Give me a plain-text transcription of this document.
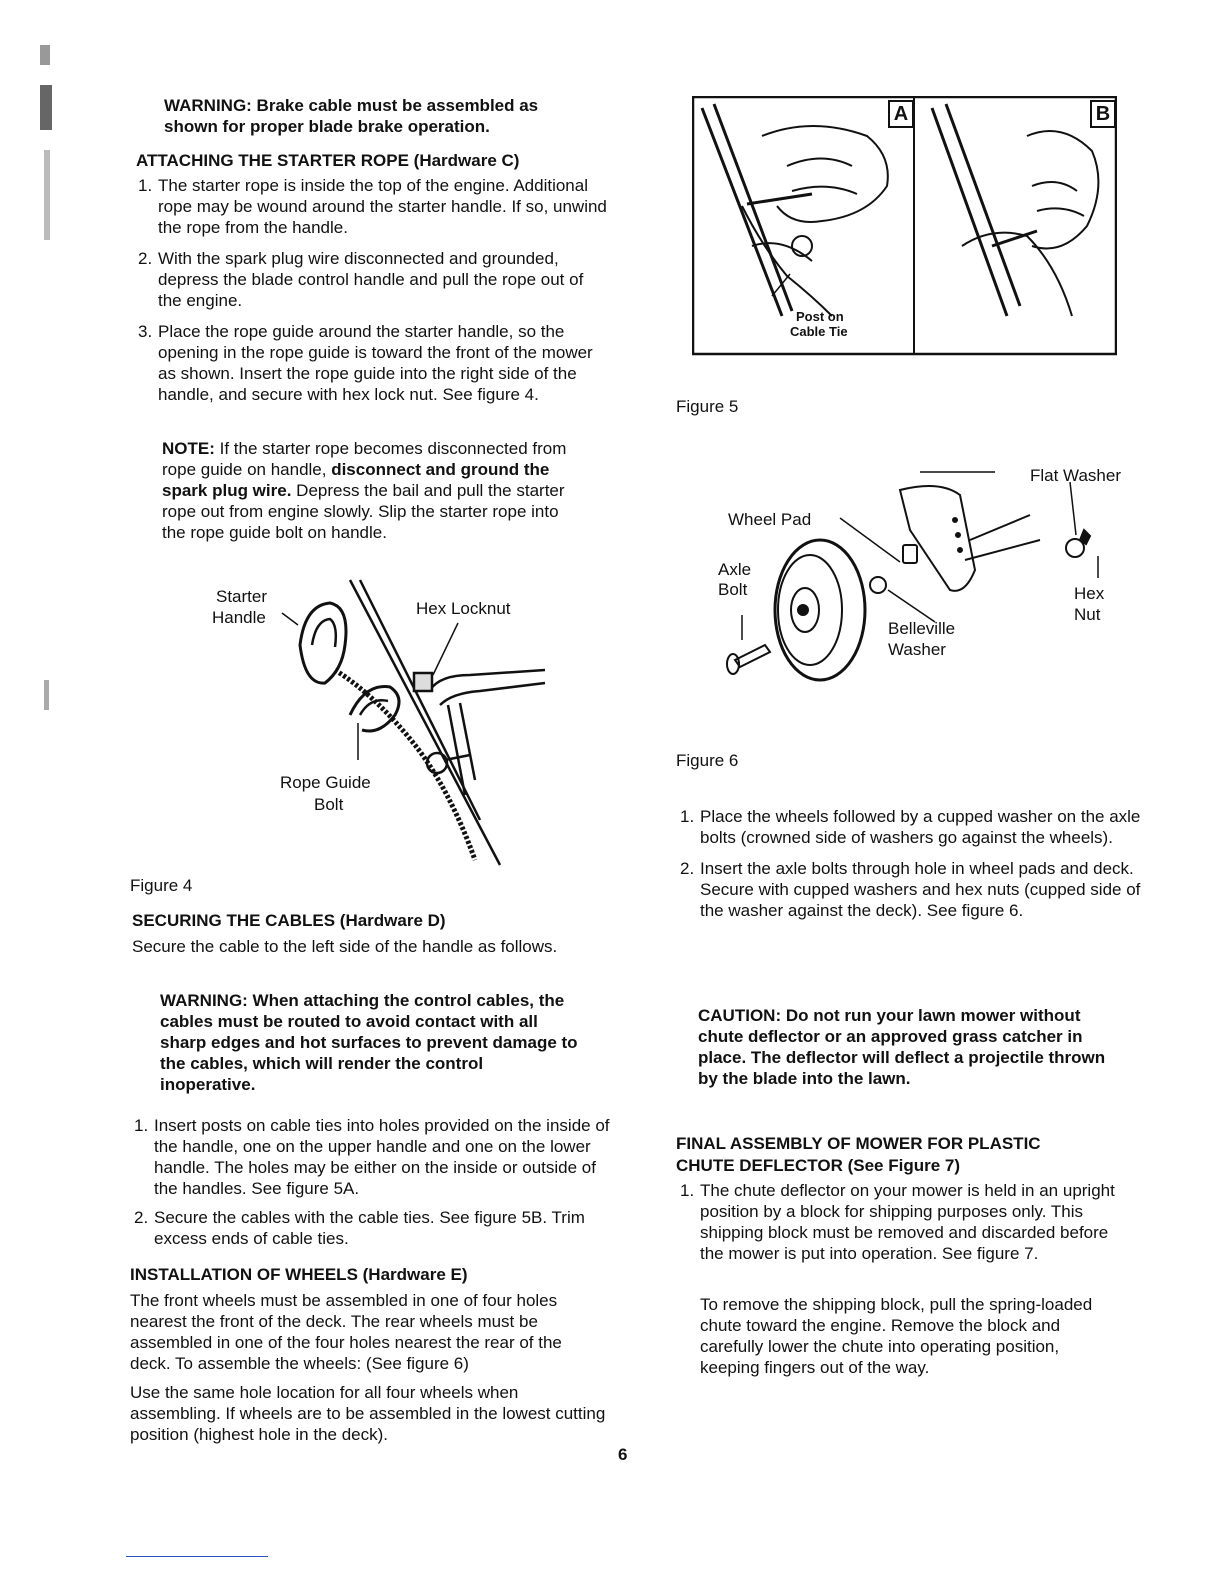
WARNING: Brake cable must be assembled as shown for proper blade brake operation.

ATTACHING THE STARTER ROPE (Hardware C)
1. The starter rope is inside the top of the engine. Additional rope may be wound around the starter handle. If so, unwind the rope from the handle.
2. With the spark plug wire disconnected and grounded, depress the blade control handle and pull the rope out of the engine.
3. Place the rope guide around the starter handle, so the opening in the rope guide is toward the front of the mower as shown. Insert the rope guide into the right side of the handle, and secure with hex lock nut. See figure 4.

NOTE: If the starter rope becomes disconnected from rope guide on handle, disconnect and ground the spark plug wire. Depress the bail and pull the starter rope out from engine slowly. Slip the starter rope into the rope guide bolt on handle.

Starter
Handle	Hex Locknut
Rope Guide
Bolt
Figure 4
SECURING THE CABLES (Hardware D)

Secure the cable to the left side of the handle as follows.

WARNING: When attaching the control cables, the cables must be routed to avoid contact with all sharp edges and hot surfaces to prevent damage to the cables, which will render the control inoperative.

1. Insert posts on cable ties into holes provided on the inside of the handle, one on the upper handle and one on the lower handle. The holes may be either on the inside or outside of the handles. See figure 5A.
2. Secure the cables with the cable ties. See figure 5B. Trim excess ends of cable ties.
INSTALLATION OF WHEELS (Hardware E)

The front wheels must be assembled in one of four holes nearest the front of the deck. The rear wheels must be assembled in one of the four holes nearest the rear of the deck. To assemble the wheels: (See figure 6)

Use the same hole location for all four wheels when assembling. If wheels are to be assembled in the lowest cutting position (highest hole in the deck).

A	B
Post on
Cable Tie
Figure 5
Flat Washer
Wheel Pad
Axle
Bolt	Hex
Nut
Belleville
Washer
Figure 6
1. Place the wheels followed by a cupped washer on the axle bolts (crowned side of washers go against the wheels).
2. Insert the axle bolts through hole in wheel pads and deck. Secure with cupped washers and hex nuts (cupped side of the washer against the deck). See figure 6.

CAUTION: Do not run your lawn mower without chute deflector or an approved grass catcher in place. The deflector will deflect a projectile thrown by the blade into the lawn.

FINAL ASSEMBLY OF MOWER FOR PLASTIC
CHUTE DEFLECTOR (See Figure 7)
1. The chute deflector on your mower is held in an upright position by a block for shipping purposes only. This shipping block must be removed and discarded before the mower is put into operation. See figure 7.

To remove the shipping block, pull the spring-loaded chute toward the engine. Remove the block and carefully lower the chute into operating position, keeping fingers out of the way.

6
